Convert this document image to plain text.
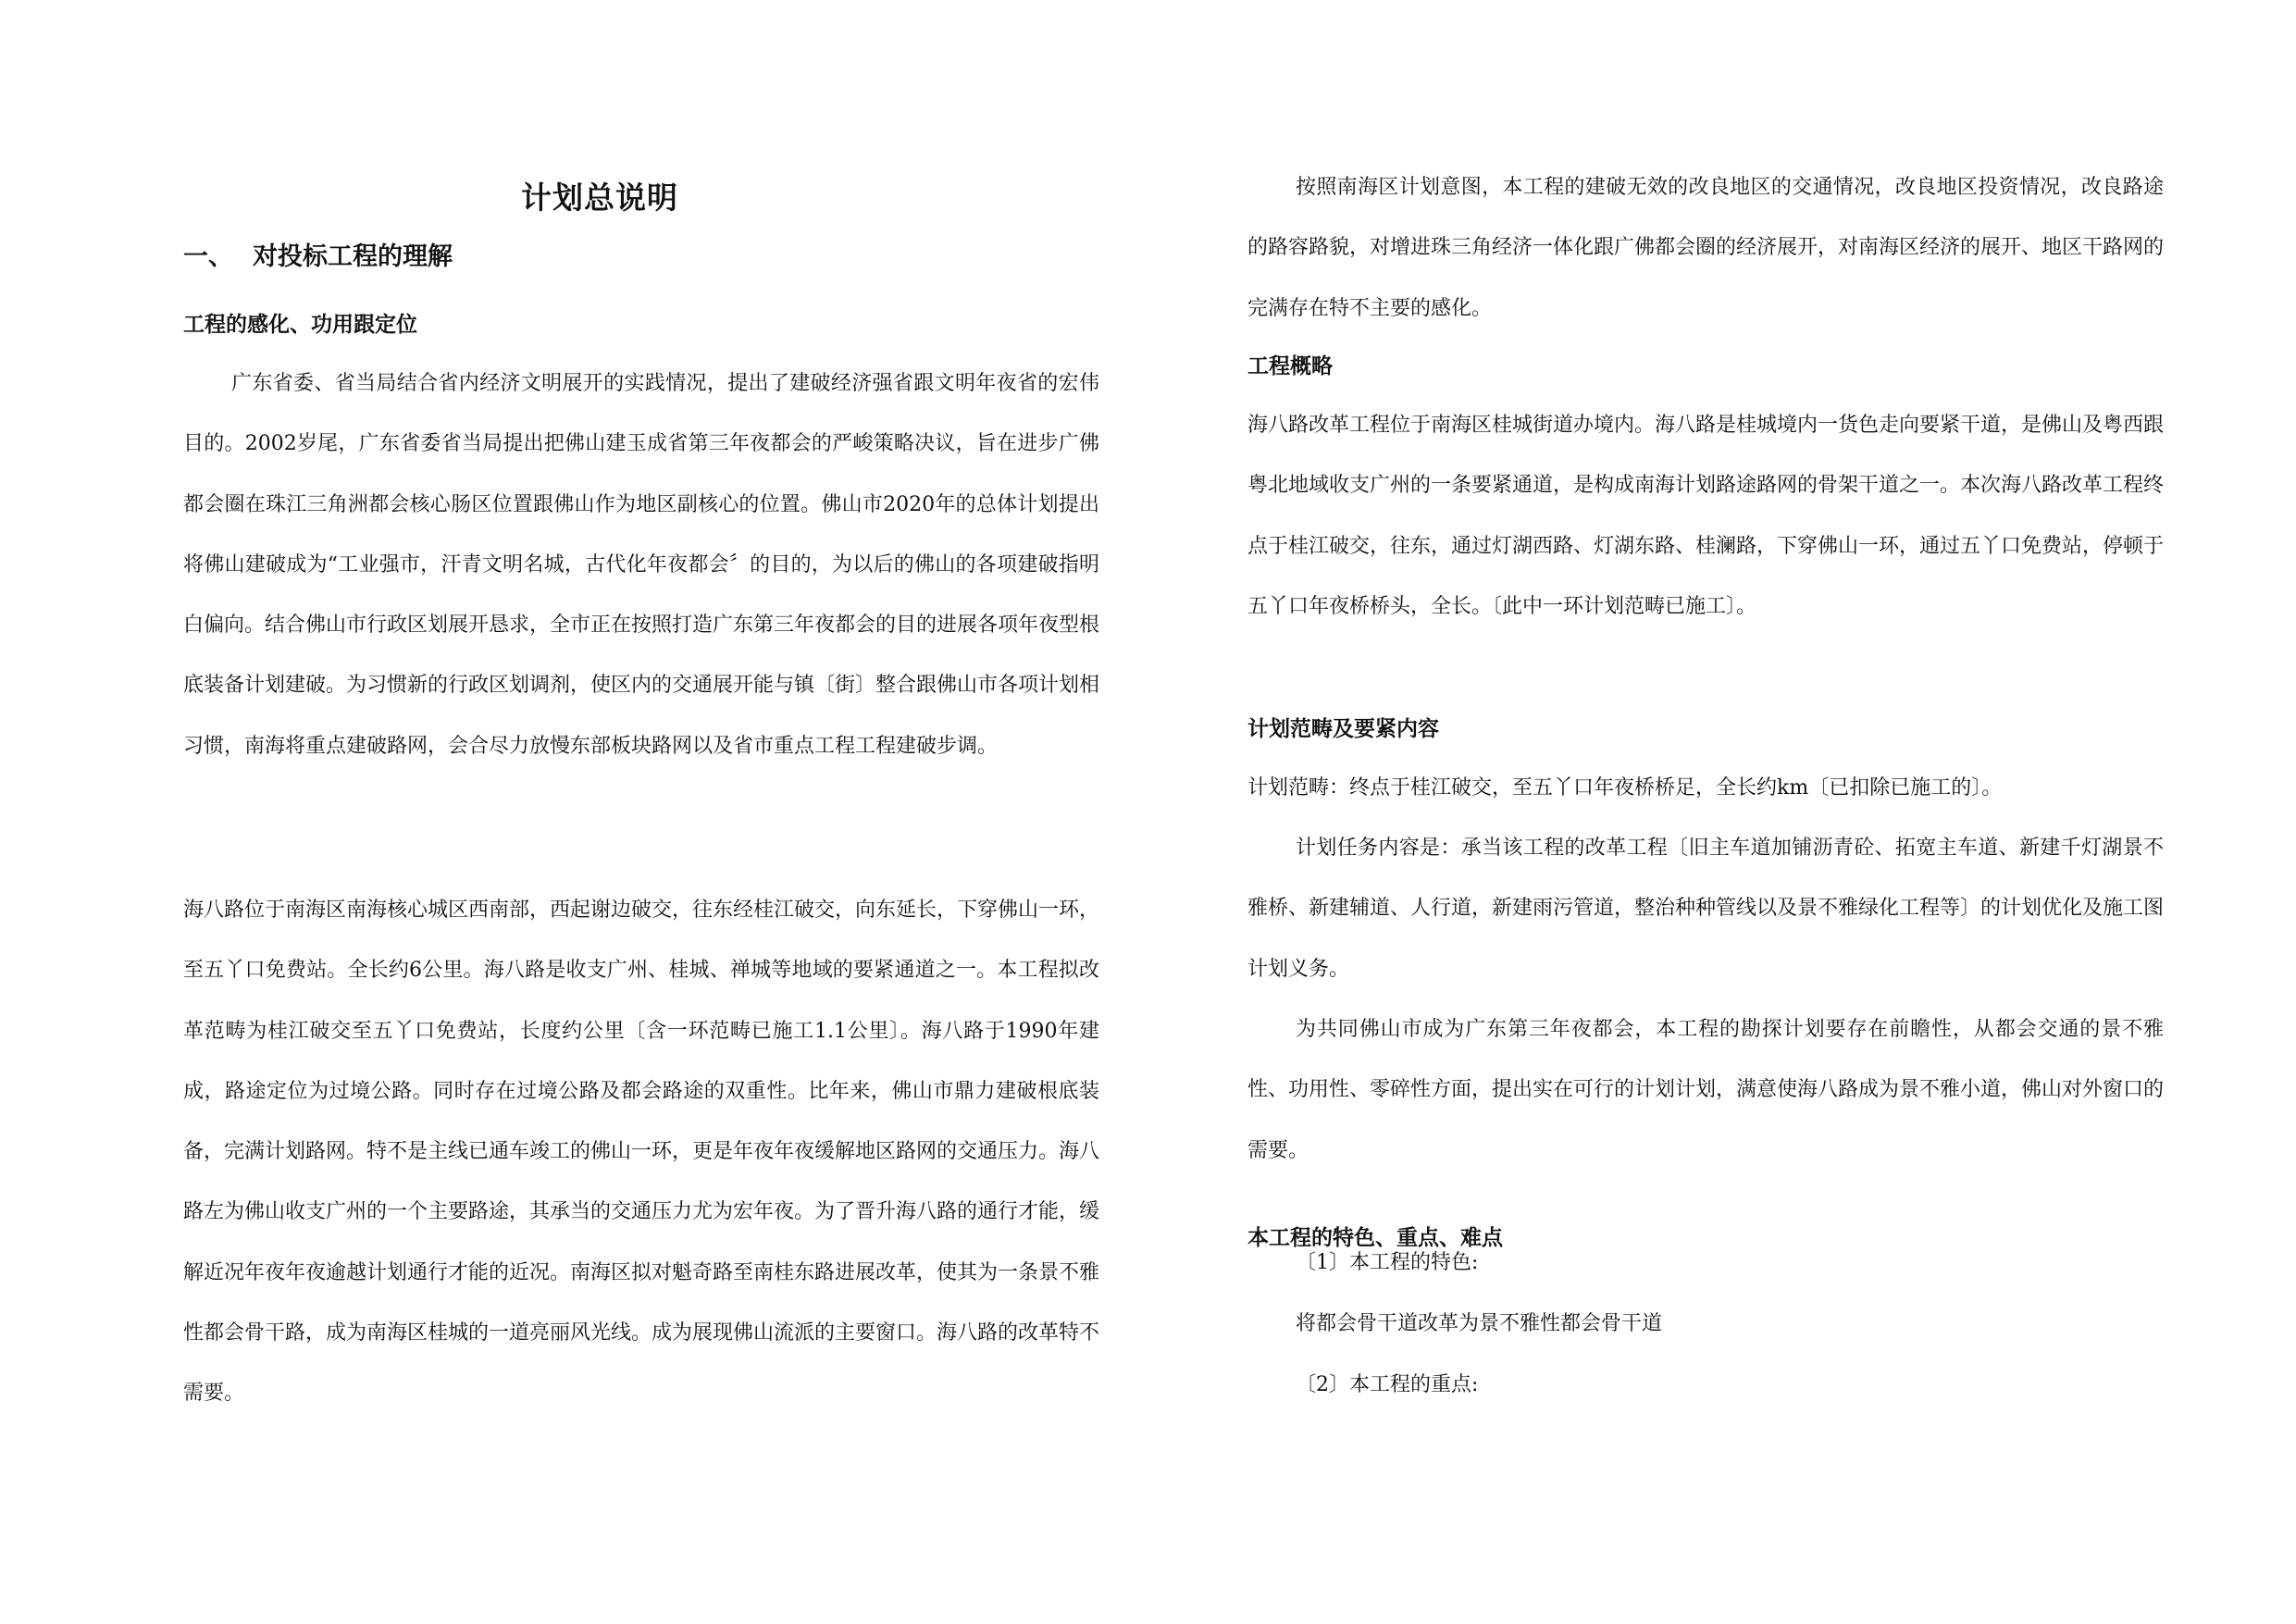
计划总说明
一、 对投标工程的理解
工程的感化、功用跟定位

广东省委、省当局结合省内经济文明展开的实践情况，提出了建破经济强省跟文明年夜省的宏伟目的。2002岁尾，广东省委省当局提出把佛山建玉成省第三年夜都会的严峻策略决议，旨在进步广佛都会圈在珠江三角洲都会核心肠区位置跟佛山作为地区副核心的位置。佛山市2020年的总体计划提出将佛山建破成为“工业强市，汗青文明名城，古代化年夜都会〞的目的，为以后的佛山的各项建破指明白偏向。结合佛山市行政区划展开恳求，全市正在按照打造广东第三年夜都会的目的进展各项年夜型根底装备计划建破。为习惯新的行政区划调剂，使区内的交通展开能与镇〔街〕整合跟佛山市各项计划相习惯，南海将重点建破路网，会合尽力放慢东部板块路网以及省市重点工程工程建破步调。

海八路位于南海区南海核心城区西南部，西起谢边破交，往东经桂江破交，向东延长，下穿佛山一环，至五丫口免费站。全长约6公里。海八路是收支广州、桂城、禅城等地域的要紧通道之一。本工程拟改革范畴为桂江破交至五丫口免费站，长度约公里〔含一环范畴已施工1.1公里〕。海八路于1990年建成，路途定位为过境公路。同时存在过境公路及都会路途的双重性。比年来，佛山市鼎力建破根底装备，完满计划路网。特不是主线已通车竣工的佛山一环，更是年夜年夜缓解地区路网的交通压力。海八路左为佛山收支广州的一个主要路途，其承当的交通压力尤为宏年夜。为了晋升海八路的通行才能，缓解近况年夜年夜逾越计划通行才能的近况。南海区拟对魁奇路至南桂东路进展改革，使其为一条景不雅性都会骨干路，成为南海区桂城的一道亮丽风光线。成为展现佛山流派的主要窗口。海八路的改革特不需要。

按照南海区计划意图，本工程的建破无效的改良地区的交通情况，改良地区投资情况，改良路途的路容路貌，对增进珠三角经济一体化跟广佛都会圈的经济展开，对南海区经济的展开、地区干路网的完满存在特不主要的感化。

工程概略

海八路改革工程位于南海区桂城街道办境内。海八路是桂城境内一货色走向要紧干道，是佛山及粤西跟粤北地域收支广州的一条要紧通道，是构成南海计划路途路网的骨架干道之一。本次海八路改革工程终点于桂江破交，往东，通过灯湖西路、灯湖东路、桂澜路，下穿佛山一环，通过五丫口免费站，停顿于五丫口年夜桥桥头，全长。〔此中一环计划范畴已施工〕。

计划范畴及要紧内容

计划范畴：终点于桂江破交，至五丫口年夜桥桥足，全长约km〔已扣除已施工的〕。

计划任务内容是：承当该工程的改革工程〔旧主车道加铺沥青砼、拓宽主车道、新建千灯湖景不雅桥、新建辅道、人行道，新建雨污管道，整治种种管线以及景不雅绿化工程等〕的计划优化及施工图计划义务。

为共同佛山市成为广东第三年夜都会，本工程的勘探计划要存在前瞻性，从都会交通的景不雅性、功用性、零碎性方面，提出实在可行的计划计划，满意使海八路成为景不雅小道，佛山对外窗口的需要。

本工程的特色、重点、难点
〔1〕本工程的特色:
将都会骨干道改革为景不雅性都会骨干道
〔2〕本工程的重点:
